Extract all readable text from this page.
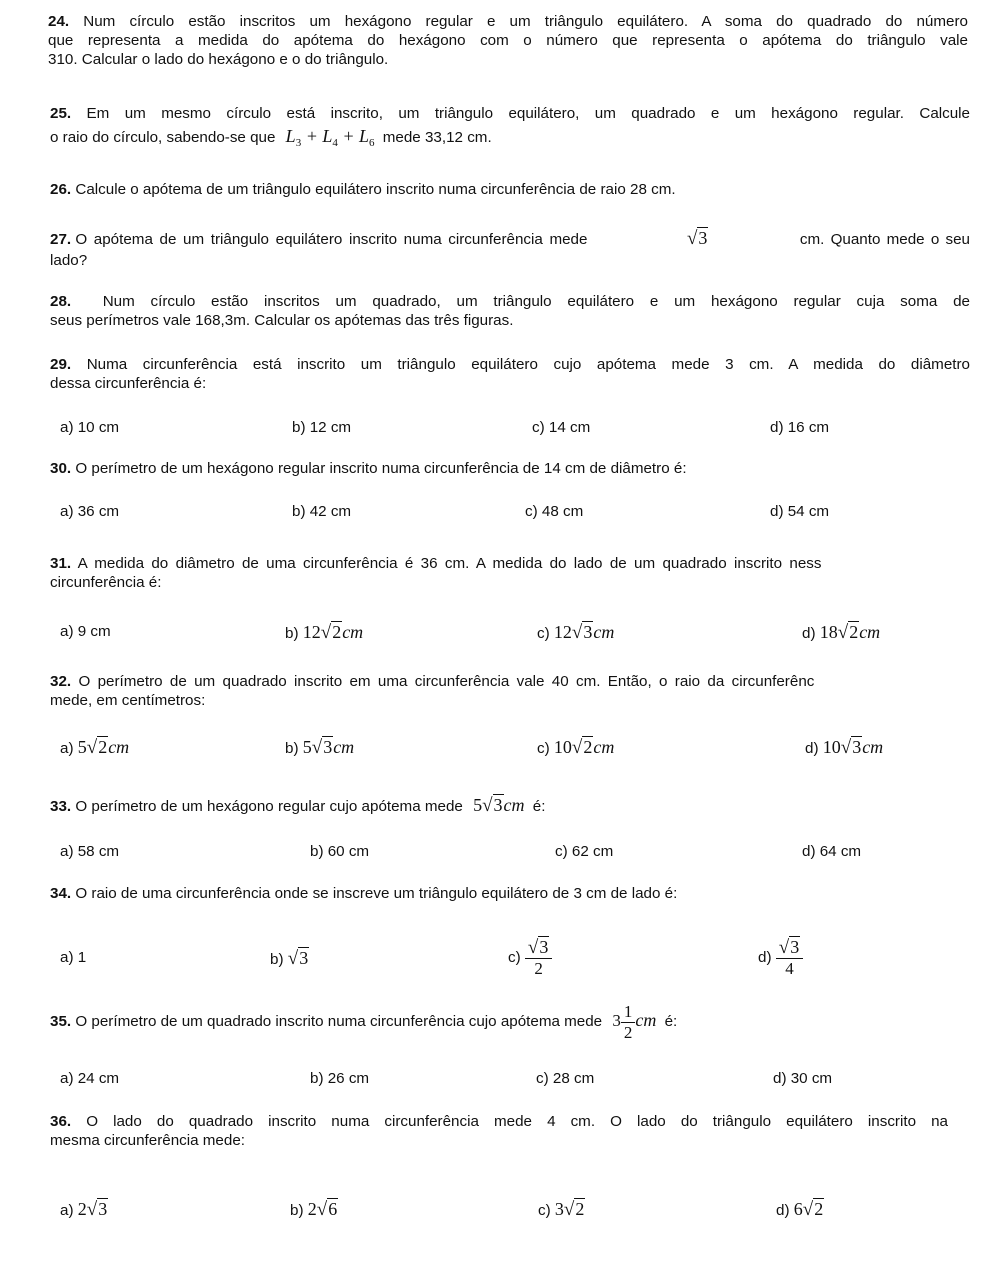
24. Num círculo estão inscritos um hexágono regular e um triângulo equilátero. A soma do quadrado do número
que representa a medida do apótema do hexágono com o número que representa o apótema do triângulo vale
310. Calcular o lado do hexágono e o do triângulo.
25. Em um mesmo círculo está inscrito, um triângulo equilátero, um quadrado e um hexágono regular. Calcule
o raio do círculo, sabendo-se que $L_3 + L_4 + L_6$ mede 33,12 cm.
26. Calcule o apótema de um triângulo equilátero inscrito numa circunferência de raio 28 cm.
27. O apótema de um triângulo equilátero inscrito numa circunferência mede	√3	cm. Quanto mede o seu
lado?
28. Num círculo estão inscritos um quadrado, um triângulo equilátero e um hexágono regular cuja soma de
seus perímetros vale 168,3m. Calcular os apótemas das três figuras.
29. Numa circunferência está inscrito um triângulo equilátero cujo apótema mede 3 cm. A medida do diâmetro
dessa circunferência é:
a) 10 cm	b) 12 cm	c) 14 cm	d) 16 cm
30. O perímetro de um hexágono regular inscrito numa circunferência de 14 cm de diâmetro é:
a) 36 cm	b) 42 cm	c) 48 cm	d) 54 cm
31. A medida do diâmetro de uma circunferência é 36 cm. A medida do lado de um quadrado inscrito ness
circunferência é:
a) 9 cm	b) 12√2cm	c) 12√3cm	d) 18√2cm
32. O perímetro de um quadrado inscrito em uma circunferência vale 40 cm. Então, o raio da circunferênc
mede, em centímetros:
a) 5√2cm	b) 5√3cm	c) 10√2cm	d) 10√3cm
33. O perímetro de um hexágono regular cujo apótema mede 5√3cm é:
a) 58 cm	b) 60 cm	c) 62 cm	d) 64 cm
34. O raio de uma circunferência onde se inscreve um triângulo equilátero de 3 cm de lado é:
a) 1	b) √3	$c) \frac{√3}{2}$	$d) \frac{√3}{4}$
35. O perímetro de um quadrado inscrito numa circunferência cujo apótema mede $3 \frac{1}{2}$ cm é:
a) 24 cm	b) 26 cm	c) 28 cm	d) 30 cm
36. O lado do quadrado inscrito numa circunferência mede 4 cm. O lado do triângulo equilátero inscrito na
mesma circunferência mede:
a) 2√3	b) 2√6	c) 3√2	d) 6√2
